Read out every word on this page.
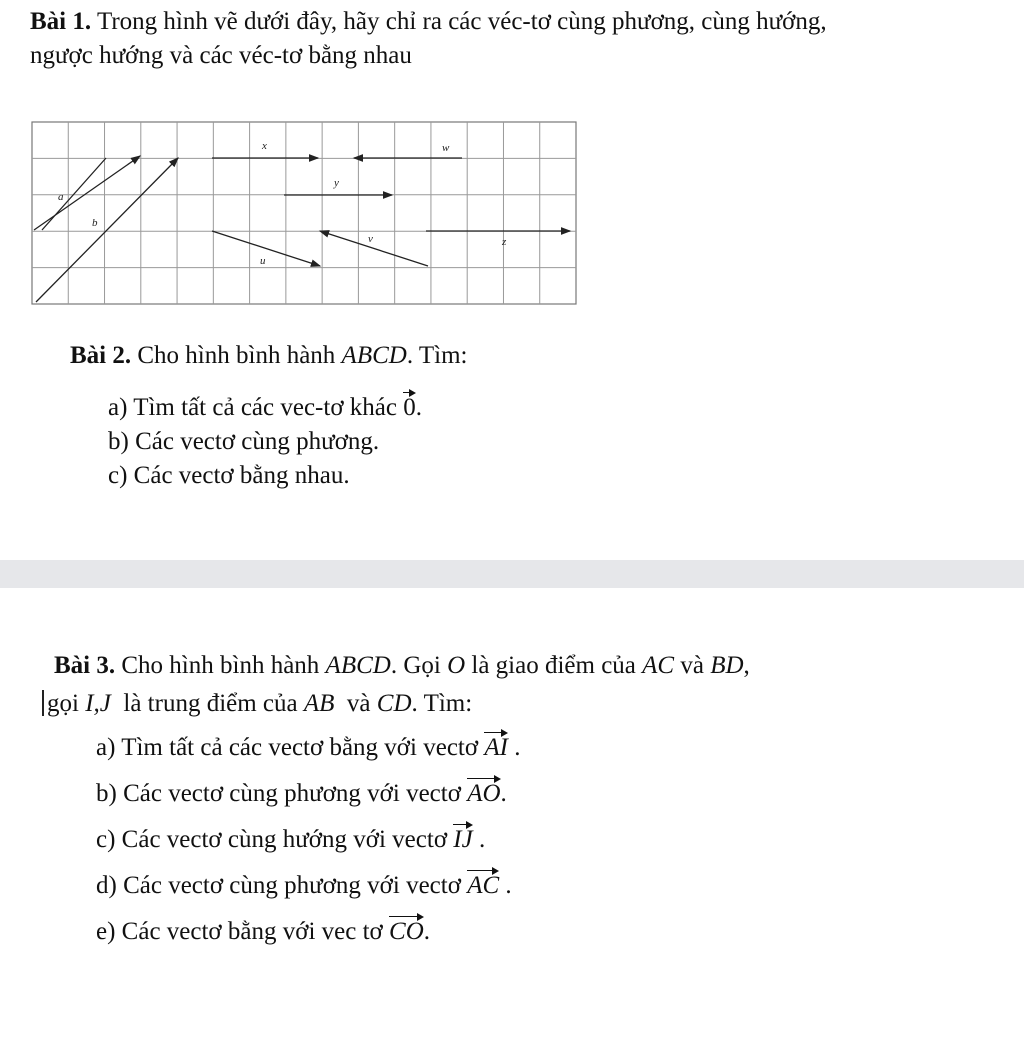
Bài 1. Trong hình vẽ dưới đây, hãy chỉ ra các véc-tơ cùng phương, cùng hướng,
ngược hướng và các véc-tơ bằng nhau
a⃗
b⃗
x⃗	w⃗
y⃗
u⃗
v⃗	z⃗
Bài 2. Cho hình bình hành ABCD. Tìm:
a) Tìm tất cả các vec-tơ khác 0.
b) Các vectơ cùng phương.
c) Các vectơ bằng nhau.
Bài 3. Cho hình bình hành ABCD. Gọi O là giao điểm của AC và BD,
gọi I,J là trung điểm của AB và CD. Tìm:
a) Tìm tất cả các vectơ bằng với vectơ AI .
b) Các vectơ cùng phương với vectơ AO.
c) Các vectơ cùng hướng với vectơ IJ .
d) Các vectơ cùng phương với vectơ AC .
e) Các vectơ bằng với vec tơ CO.
